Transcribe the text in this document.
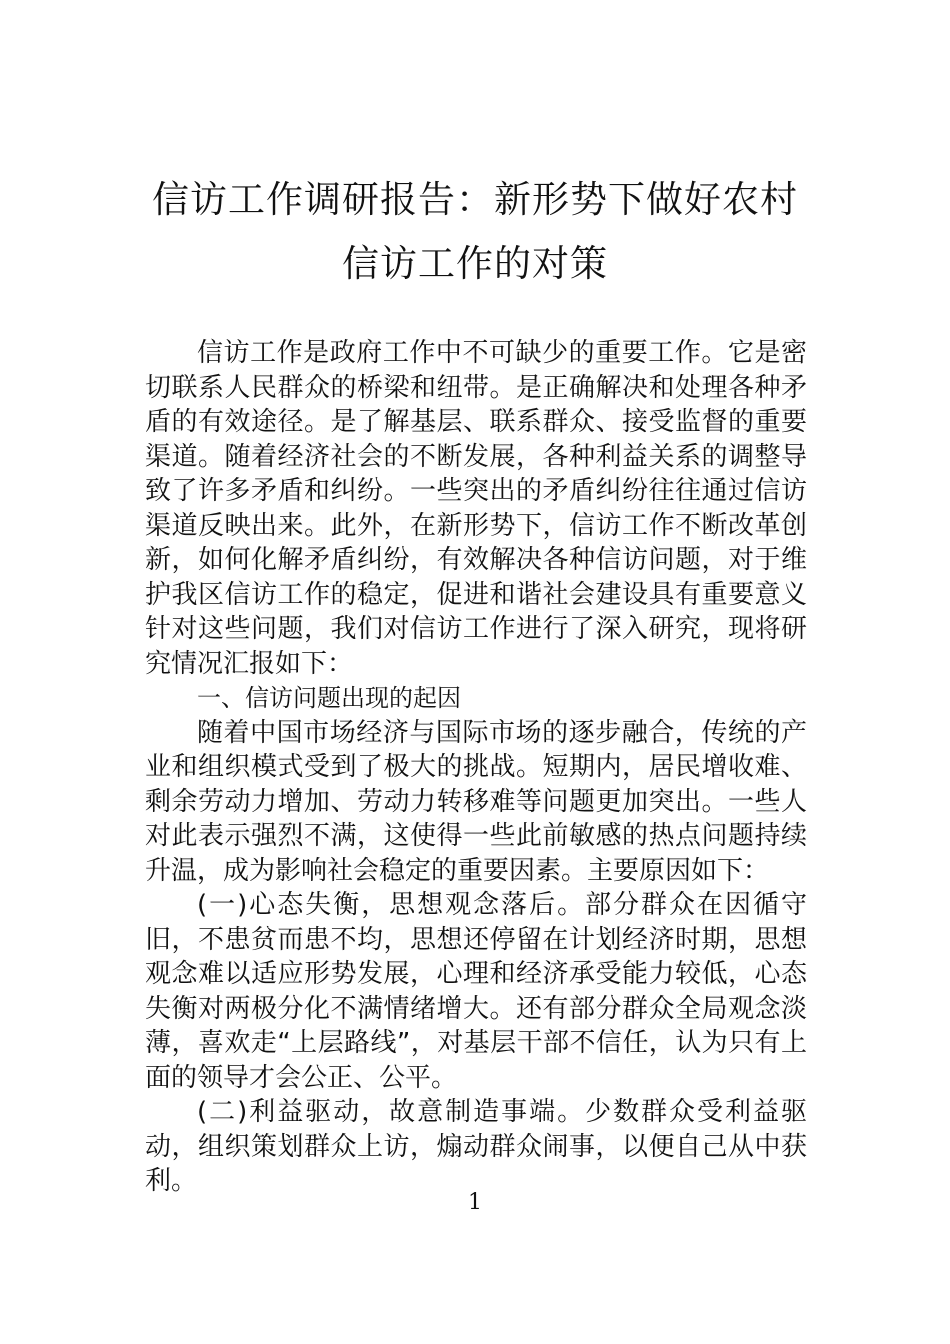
信访工作调研报告：新形势下做好农村信访工作的对策

信访工作是政府工作中不可缺少的重要工作。它是密切联系人民群众的桥梁和纽带。是正确解决和处理各种矛盾的有效途径。是了解基层、联系群众、接受监督的重要渠道。随着经济社会的不断发展，各种利益关系的调整导致了许多矛盾和纠纷。一些突出的矛盾纠纷往往通过信访渠道反映出来。此外，在新形势下，信访工作不断改革创新，如何化解矛盾纠纷，有效解决各种信访问题，对于维护我区信访工作的稳定，促进和谐社会建设具有重要意义针对这些问题，我们对信访工作进行了深入研究，现将研究情况汇报如下：

一、信访问题出现的起因

随着中国市场经济与国际市场的逐步融合，传统的产业和组织模式受到了极大的挑战。短期内，居民增收难、剩余劳动力增加、劳动力转移难等问题更加突出。一些人对此表示强烈不满，这使得一些此前敏感的热点问题持续升温，成为影响社会稳定的重要因素。主要原因如下：

(一)心态失衡，思想观念落后。部分群众在因循守旧，不患贫而患不均，思想还停留在计划经济时期，思想观念难以适应形势发展，心理和经济承受能力较低，心态失衡对两极分化不满情绪增大。还有部分群众全局观念淡薄，喜欢走“上层路线”，对基层干部不信任，认为只有上面的领导才会公正、公平。

(二)利益驱动，故意制造事端。少数群众受利益驱动，组织策划群众上访，煽动群众闹事，以便自己从中获利。

1
